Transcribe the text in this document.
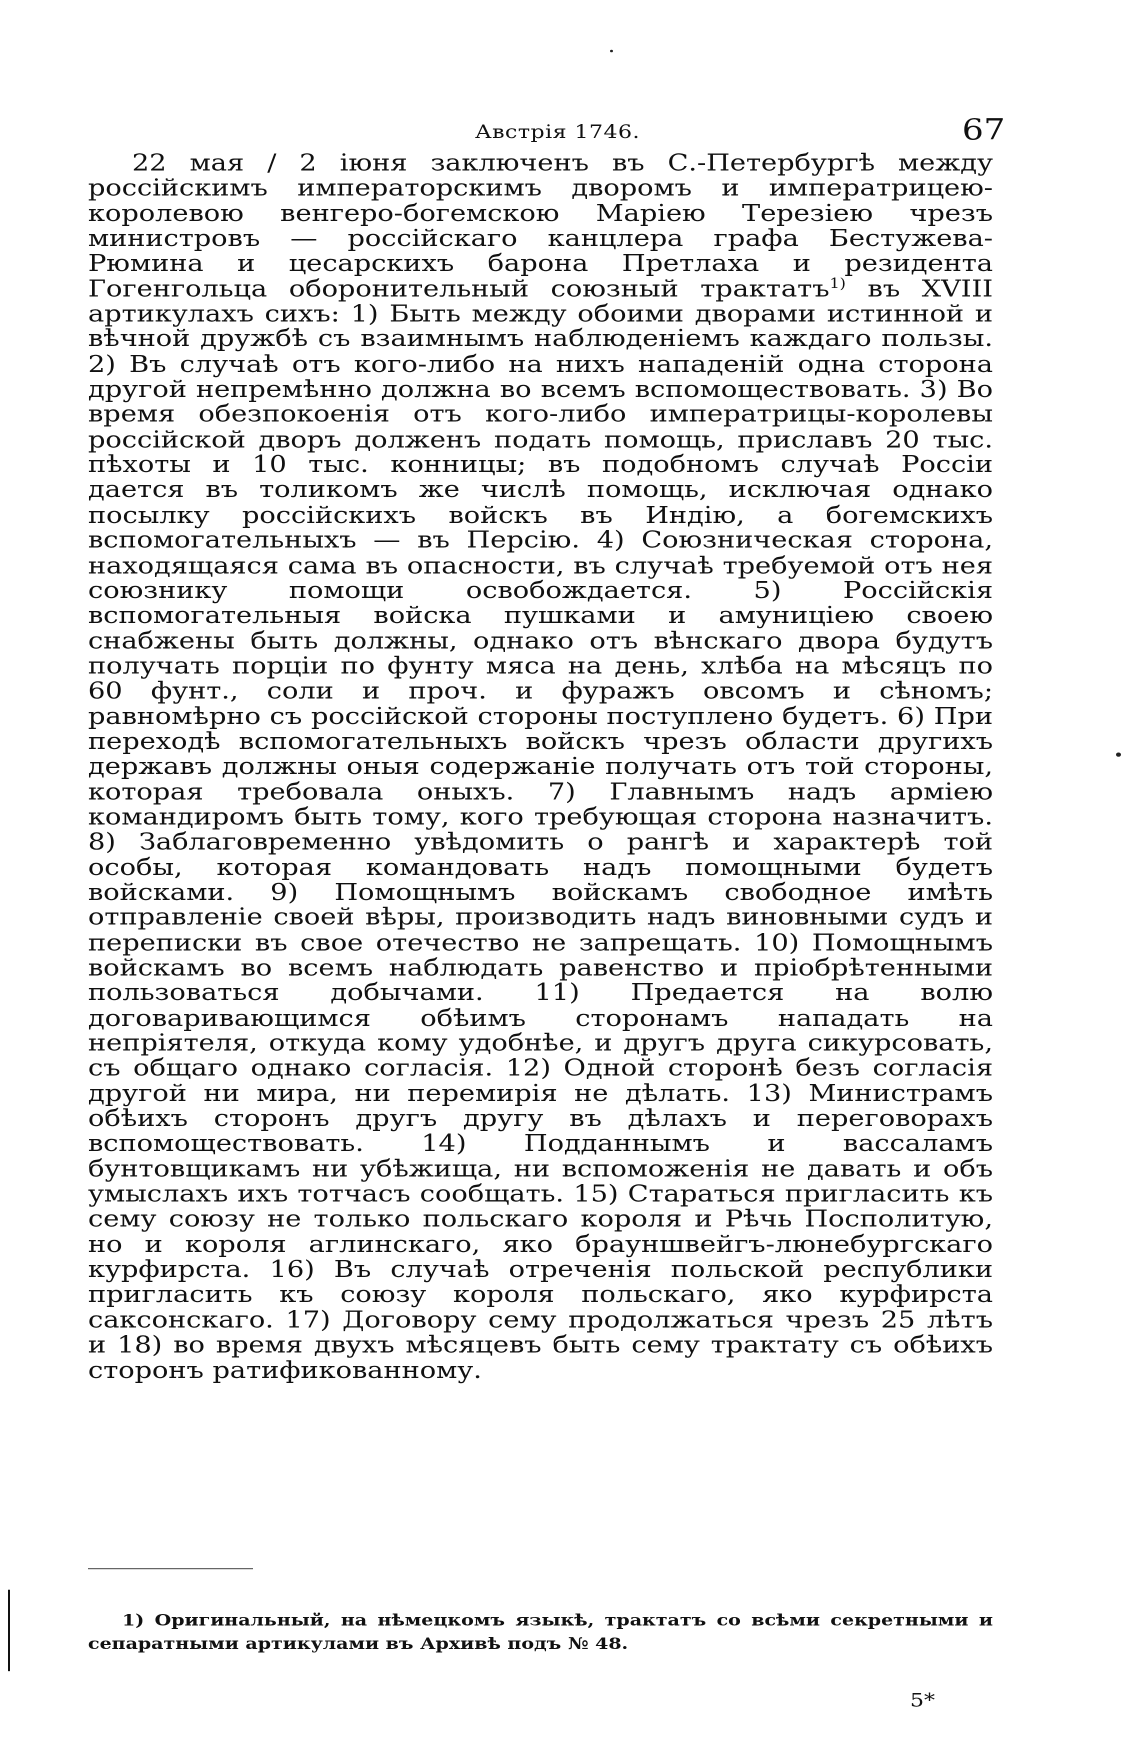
Австрія 1746.	67

22 мая / 2 іюня заключенъ въ С.-Петербургѣ между россійскимъ императорскимъ дворомъ и императрицею-королевою венгеро-богемскою Маріею Терезіею чрезъ министровъ — россійскаго канцлера графа Бестужева-Рюмина и цесарскихъ барона Претлаха и резидента Гогенгольца оборонительный союзный трактатъ$^{1)}$ въ XVIII артикулахъ сихъ: 1) Быть между обоими дворами истинной и вѣчной дружбѣ съ взаимнымъ наблюденіемъ каждаго пользы. 2) Въ случаѣ отъ кого-либо на нихъ нападеній одна сторона другой непремѣнно должна во всемъ вспомоществовать. 3) Во время обезпокоенія отъ кого-либо императрицы-королевы россійской дворъ долженъ подать помощь, приславъ 20 тыс. пѣхоты и 10 тыс. конницы; въ подобномъ случаѣ Россіи дается въ толикомъ же числѣ помощь, исключая однако посылку россійскихъ войскъ въ Индію, а богемскихъ вспомогательныхъ — въ Персію. 4) Союзническая сторона, находящаяся сама въ опасности, въ случаѣ требуемой отъ нея союзнику помощи освобождается. 5) Россійскія вспомогательныя войска пушками и амуниціею своею снабжены быть должны, однако отъ вѣнскаго двора будутъ получать порціи по фунту мяса на день, хлѣба на мѣсяцъ по 60 фунт., соли и проч. и фуражъ овсомъ и сѣномъ; равномѣрно съ россійской стороны поступлено будетъ. 6) При переходѣ вспомогательныхъ войскъ чрезъ области другихъ державъ должны оныя содержаніе получать отъ той стороны, которая требовала оныхъ. 7) Главнымъ надъ арміею командиромъ быть тому, кого требующая сторона назначитъ. 8) Заблаговременно увѣдомить о рангѣ и характерѣ той особы, которая командовать надъ помощными будетъ войсками. 9) Помощнымъ войскамъ свободное имѣть отправленіе своей вѣры, производить надъ виновными судъ и переписки въ свое отечество не запрещать. 10) Помощнымъ войскамъ во всемъ наблюдать равенство и пріобрѣтенными пользоваться добычами. 11) Предается на волю договаривающимся обѣимъ сторонамъ нападать на непріятеля, откуда кому удобнѣе, и другъ друга сикурсовать, съ общаго однако согласія. 12) Одной сторонѣ безъ согласія другой ни мира, ни перемирія не дѣлать. 13) Министрамъ обѣихъ сторонъ другъ другу въ дѣлахъ и переговорахъ вспомоществовать. 14) Подданнымъ и вассаламъ бунтовщикамъ ни убѣжища, ни вспоможенія не давать и объ умыслахъ ихъ тотчасъ сообщать. 15) Стараться пригласить къ сему союзу не только польскаго короля и Рѣчь Посполитую, но и короля аглинскаго, яко брауншвейгъ-люнебургскаго курфирста. 16) Въ случаѣ отреченія польской республики пригласить къ союзу короля польскаго, яко курфирста саксонскаго. 17) Договору сему продолжаться чрезъ 25 лѣтъ и 18) во время двухъ мѣсяцевъ быть сему трактату съ обѣихъ сторонъ ратификованному.

1) Оригинальный, на нѣмецкомъ языкѣ, трактатъ со всѣми секретными и сепаратными артикулами въ Архивѣ подъ № 48.
5*
